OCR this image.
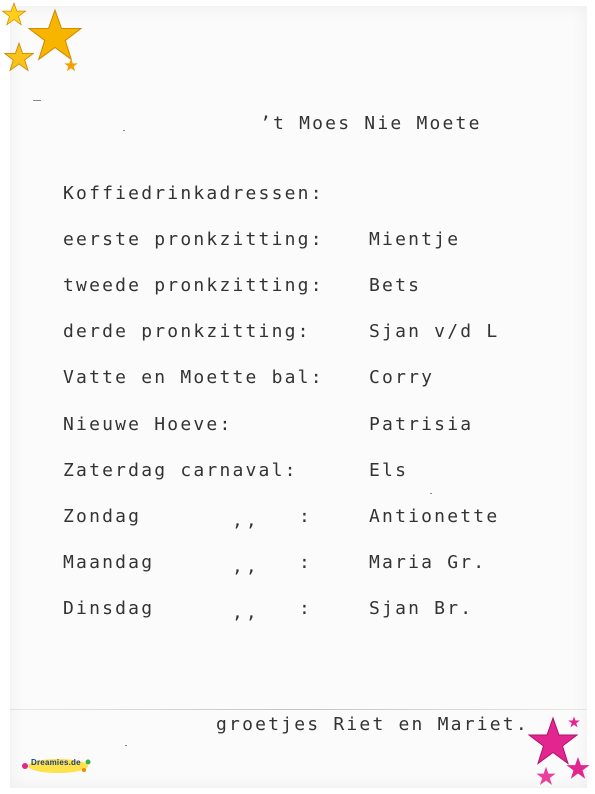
’t Moes Nie Moete
Koffiedrinkadressen:
eerste pronkzitting:	Mientje
tweede pronkzitting:	Bets
derde pronkzitting:	Sjan v/d L
Vatte en Moette bal:	Corry
Nieuwe Hoeve:	Patrisia
Zaterdag carnaval:	Els
Zondag	,, :	Antionette
Maandag	,, :	Maria Gr.
Dinsdag	,, :	Sjan Br.
groetjes Riet en Mariet.
Dreamies.de
